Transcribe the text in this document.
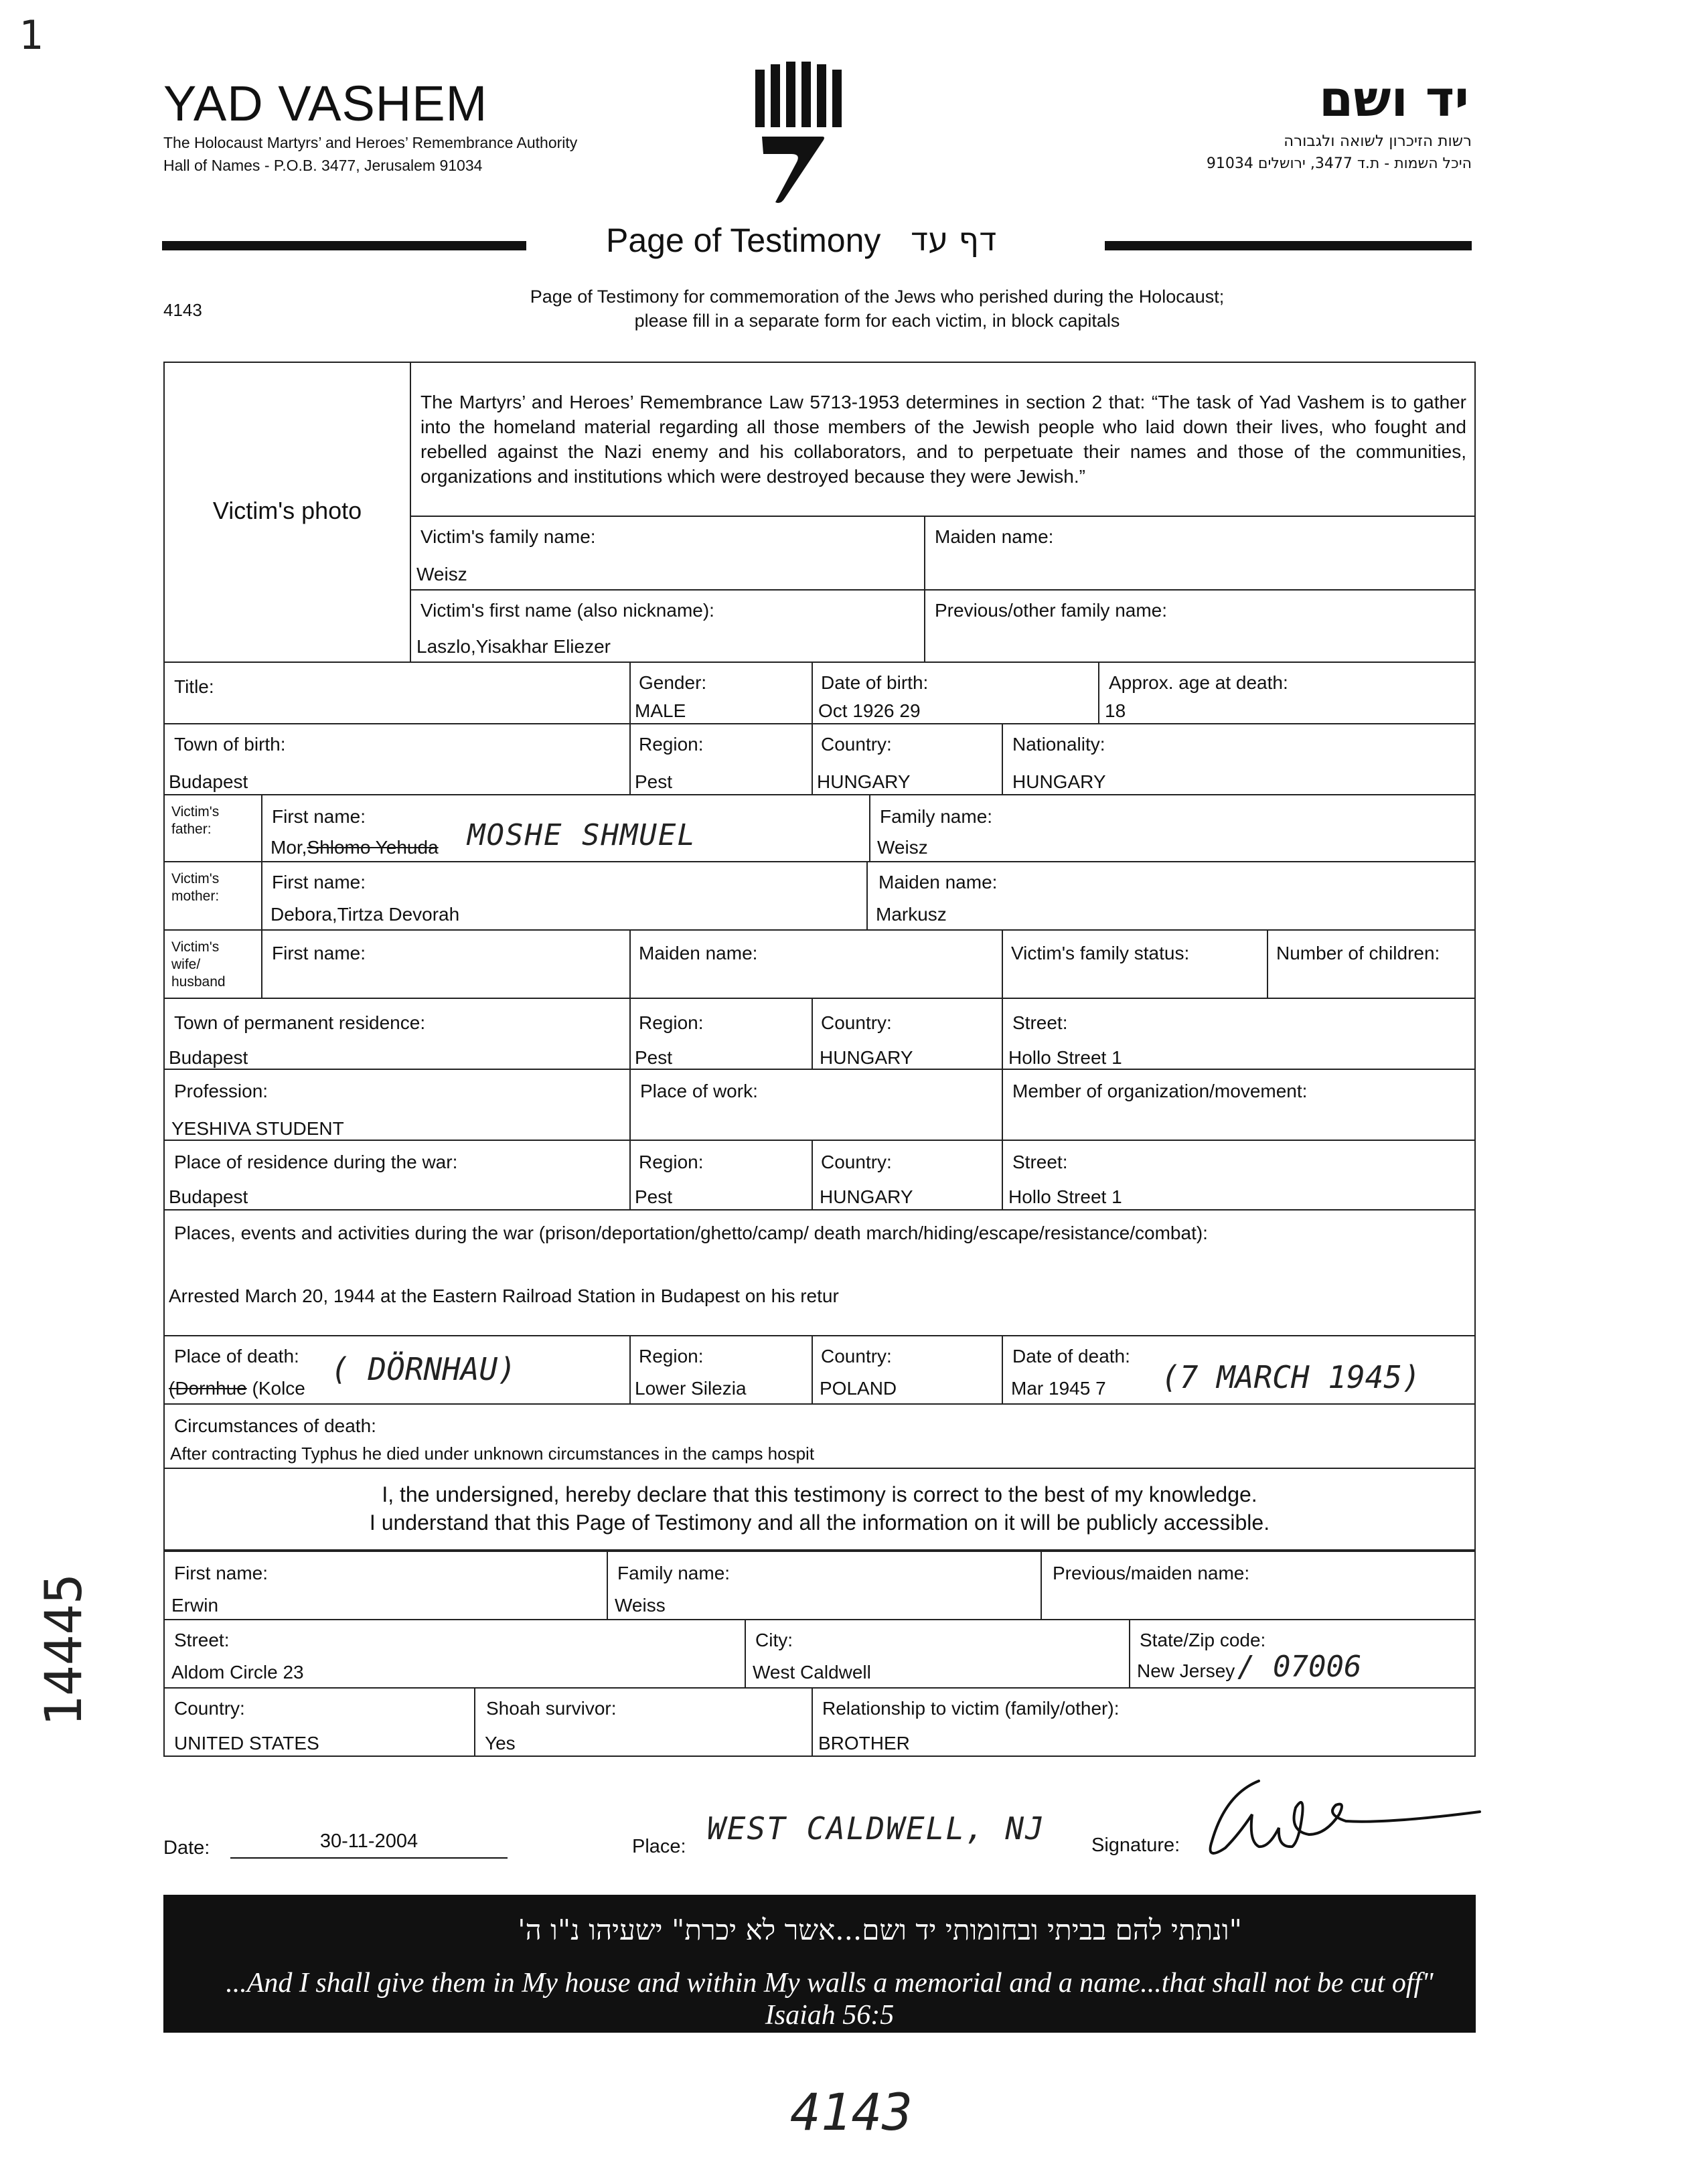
1
YAD VASHEM
The Holocaust Martyrs’ and Heroes’ Remembrance Authority
Hall of Names - P.O.B. 3477, Jerusalem 91034
יד ושם
רשות הזיכרון לשואה ולגבורה
היכל השמות - ת.ד 3477, ירושלים 91034
Page of Testimony דף עד
4143
Page of Testimony for commemoration of the Jews who perished during the Holocaust;
please fill in a separate form for each victim, in block capitals
Victim's photo
The Martyrs’ and Heroes’ Remembrance Law 5713-1953 determines in section 2 that: “The task of Yad Vashem is to gather into the homeland material regarding all those members of the Jewish people who laid down their lives, who fought and rebelled against the Nazi enemy and his collaborators, and to perpetuate their names and those of the communities, organizations and institutions which were destroyed because they were Jewish.”
Victim's family name:
Weisz
Maiden name:
Victim's first name (also nickname):
Laszlo,Yisakhar Eliezer
Previous/other family name:
Title:	Gender:
MALE
Date of birth:
Oct 1926 29
Approx. age at death:
18
Town of birth:
Budapest
Region:
Pest
Country:
HUNGARY
Nationality:
HUNGARY
Victim's father:
First name:
Mor,Shlomo Yehuda MOSHE SHMUEL
Family name:
Weisz
Victim's mother:
First name:
Debora,Tirtza Devorah
Maiden name:
Markusz
Victim's wife/ husband
First name:	Maiden name:	Victim's family status:	Number of children:
Town of permanent residence:
Budapest
Region:
Pest
Country:
HUNGARY
Street:
Hollo Street 1
Profession:
YESHIVA STUDENT
Place of work:	Member of organization/movement:
Place of residence during the war:
Budapest
Region:
Pest
Country:
HUNGARY
Street:
Hollo Street 1
Places, events and activities during the war (prison/deportation/ghetto/camp/ death march/hiding/escape/resistance/combat):
Arrested March 20, 1944 at the Eastern Railroad Station in Budapest on his retur
Place of death:
(Dornhue (Kolce
( DÖRNHAU)	Region:
Lower Silezia
Country:
POLAND
Date of death:
Mar 1945 7 (7 MARCH 1945)
Circumstances of death:
After contracting Typhus he died under unknown circumstances in the camps hospit
I, the undersigned, hereby declare that this testimony is correct to the best of my knowledge.
I understand that this Page of Testimony and all the information on it will be publicly accessible.
First name:
Erwin
Family name:
Weiss
Previous/maiden name:
Street:
Aldom Circle 23
City:
West Caldwell
State/Zip code:
New Jersey / 07006
Country:
UNITED STATES
Shoah survivor:
Yes
Relationship to victim (family/other):
BROTHER
Date:	30-11-2004	Place: WEST CALDWELL, NJ Signature:
"ונתתי להם בביתי ובחומותי יד ושם...אשר לא יכרת" ישעיהו נ"ו ה'
...And I shall give them in My house and within My walls a memorial and a name...that shall not be cut off" Isaiah 56:5
14445
4143
